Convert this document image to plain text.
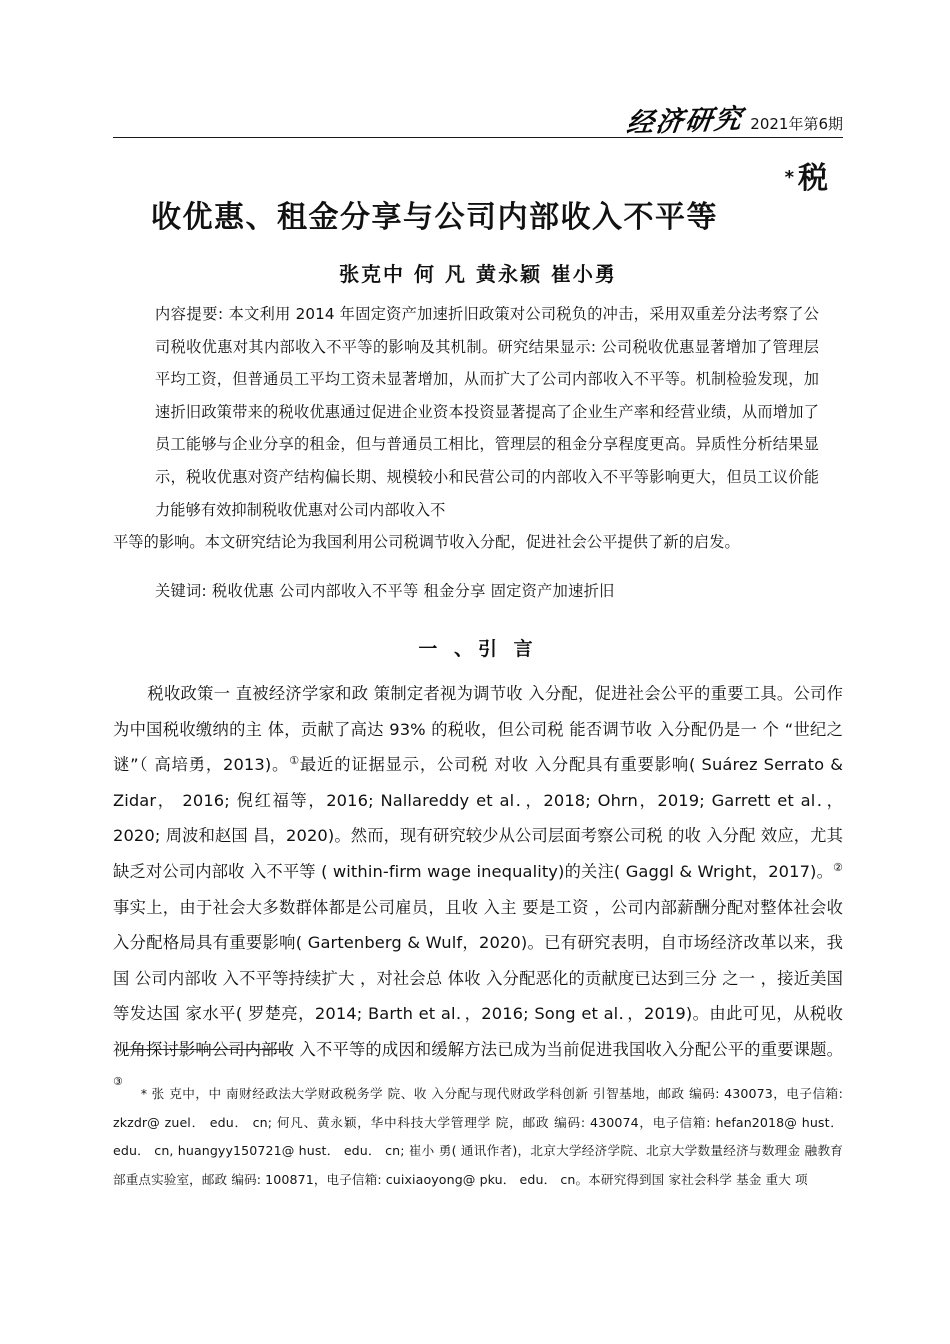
经济研究 2021年第6期
* 税
收优惠、租金分享与公司内部收入不平等
张克中 何 凡 黄永颖 崔小勇
内容提要: 本文利用 2014 年固定资产加速折旧政策对公司税负的冲击，采用双重差分法考察了公司税收优惠对其内部收入不平等的影响及其机制。研究结果显示: 公司税收优惠显著增加了管理层平均工资，但普通员工平均工资未显著增加，从而扩大了公司内部收入不平等。机制检验发现，加速折旧政策带来的税收优惠通过促进企业资本投资显著提高了企业生产率和经营业绩，从而增加了员工能够与企业分享的租金，但与普通员工相比，管理层的租金分享程度更高。异质性分析结果显示，税收优惠对资产结构偏长期、规模较小和民营公司的内部收入不平等影响更大，但员工议价能力能够有效抑制税收优惠对公司内部收入不
平等的影响。本文研究结论为我国利用公司税调节收入分配，促进社会公平提供了新的启发。
关键词: 税收优惠 公司内部收入不平等 租金分享 固定资产加速折旧
一 、引 言

税收政策一 直被经济学家和政 策制定者视为调节收 入分配，促进社会公平的重要工具。公司作为中国税收缴纳的主 体，贡献了高达 93% 的税收，但公司税 能否调节收 入分配仍是一 个 “世纪之谜”（ 高培勇，2013)。①最近的证据显示，公司税 对收 入分配具有重要影响( Suárez Serrato & Zidar， 2016; 倪红福等，2016; Nallareddy et al．，2018; Ohrn，2019; Garrett et al．，2020; 周波和赵国 昌，2020)。然而，现有研究较少从公司层面考察公司税 的收 入分配 效应，尤其缺乏对公司内部收 入不平等 ( within-firm wage inequality)的关注( Gaggl & Wright，2017)。②事实上，由于社会大多数群体都是公司雇员，且收 入主 要是工资 ，公司内部薪酬分配对整体社会收入分配格局具有重要影响( Gartenberg & Wulf，2020)。已有研究表明，自市场经济改革以来，我国 公司内部收 入不平等持续扩大 ，对社会总 体收 入分配恶化的贡献度已达到三分 之一 ，接近美国 等发达国 家水平( 罗楚亮，2014; Barth et al．，2016; Song et al．，2019)。由此可见，从税收视角探讨影响公司内部收 入不平等的成因和缓解方法已成为当前促进我国收入分配公平的重要课题。③

* 张 克中，中 南财经政法大学财政税务学 院、收 入分配与现代财政学科创新 引智基地，邮政 编码: 430073，电子信箱: zkzdr@ zuel． edu． cn; 何凡、黄永颖，华中科技大学管理学 院，邮政 编码: 430074，电子信箱: hefan2018@ hust． edu． cn, huangyy150721@ hust． edu． cn; 崔小 勇( 通讯作者)，北京大学经济学院、北京大学数量经济与数理金 融教育部重点实验室，邮政 编码: 100871，电子信箱: cuixiaoyong@ pku． edu． cn。本研究得到国 家社会科学 基金 重大 项
